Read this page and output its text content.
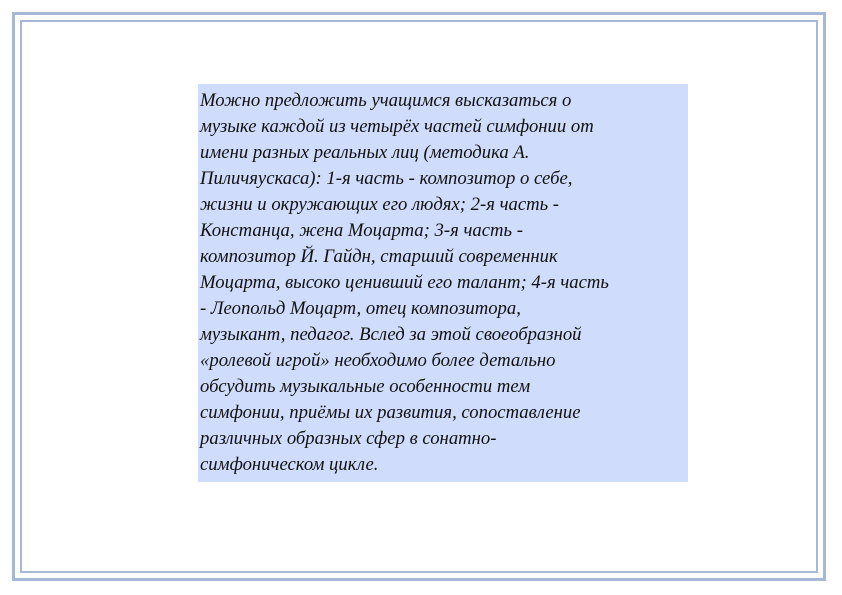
Можно предложить учащимся высказаться о
музыке каждой из четырёх частей симфонии от
имени разных реальных лиц (методика А.
Пиличяускаса): 1-я часть - композитор о себе,
жизни и окружающих его людях; 2-я часть -
Констанца, жена Моцарта; 3-я часть -
композитор Й. Гайдн, старший современник
Моцарта, высоко ценивший его талант; 4-я часть
- Леопольд Моцарт, отец композитора,
музыкант, педагог. Вслед за этой своеобразной
«ролевой игрой» необходимо более детально
обсудить музыкальные особенности тем
симфонии, приёмы их развития, сопоставление
различных образных сфер в сонатно-
симфоническом цикле.
